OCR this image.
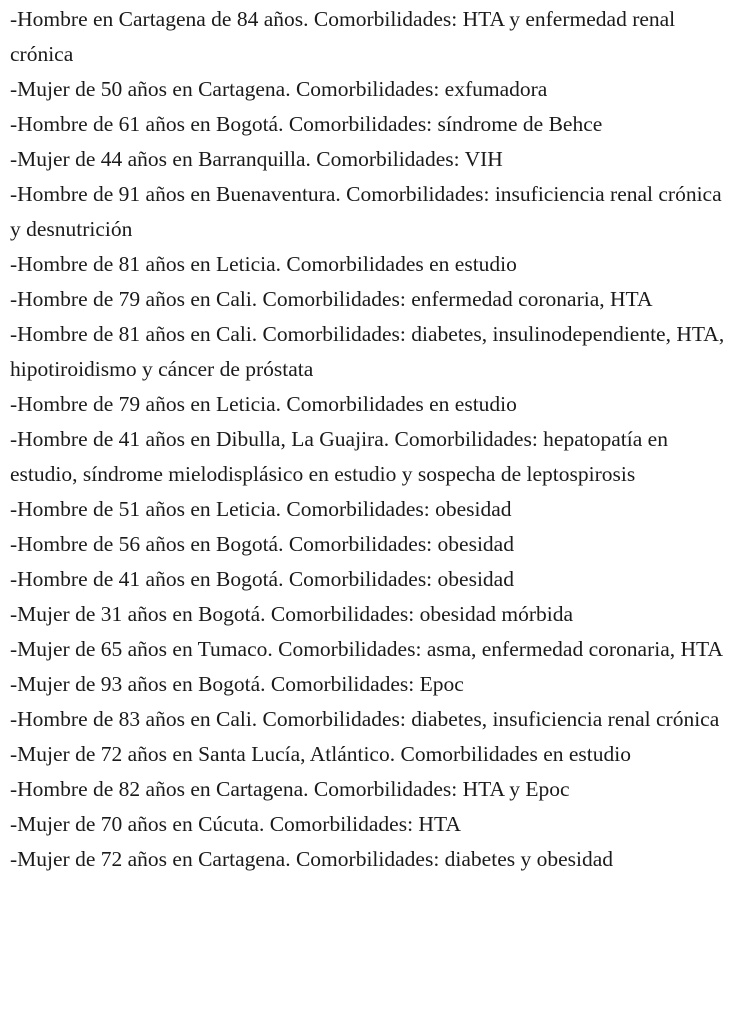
-Hombre en Cartagena de 84 años. Comorbilidades: HTA y enfermedad renal crónica
-Mujer de 50 años en Cartagena. Comorbilidades: exfumadora
-Hombre de 61 años en Bogotá. Comorbilidades: síndrome de Behce
-Mujer de 44 años en Barranquilla. Comorbilidades: VIH
-Hombre de 91 años en Buenaventura. Comorbilidades: insuficiencia renal crónica y desnutrición
-Hombre de 81 años en Leticia. Comorbilidades en estudio
-Hombre de 79 años en Cali. Comorbilidades: enfermedad coronaria, HTA
-Hombre de 81 años en Cali. Comorbilidades: diabetes, insulinodependiente, HTA, hipotiroidismo y cáncer de próstata
-Hombre de 79 años en Leticia. Comorbilidades en estudio
-Hombre de 41 años en Dibulla, La Guajira. Comorbilidades: hepatopatía en estudio, síndrome mielodisplásico en estudio y sospecha de leptospirosis
-Hombre de 51 años en Leticia. Comorbilidades: obesidad
-Hombre de 56 años en Bogotá. Comorbilidades: obesidad
-Hombre de 41 años en Bogotá. Comorbilidades: obesidad
-Mujer de 31 años en Bogotá. Comorbilidades: obesidad mórbida
-Mujer de 65 años en Tumaco. Comorbilidades: asma, enfermedad coronaria, HTA
-Mujer de 93 años en Bogotá. Comorbilidades: Epoc
-Hombre de 83 años en Cali. Comorbilidades: diabetes, insuficiencia renal crónica
-Mujer de 72 años en Santa Lucía, Atlántico. Comorbilidades en estudio
-Hombre de 82 años en Cartagena. Comorbilidades: HTA y Epoc
-Mujer de 70 años en Cúcuta. Comorbilidades: HTA
-Mujer de 72 años en Cartagena. Comorbilidades: diabetes y obesidad
